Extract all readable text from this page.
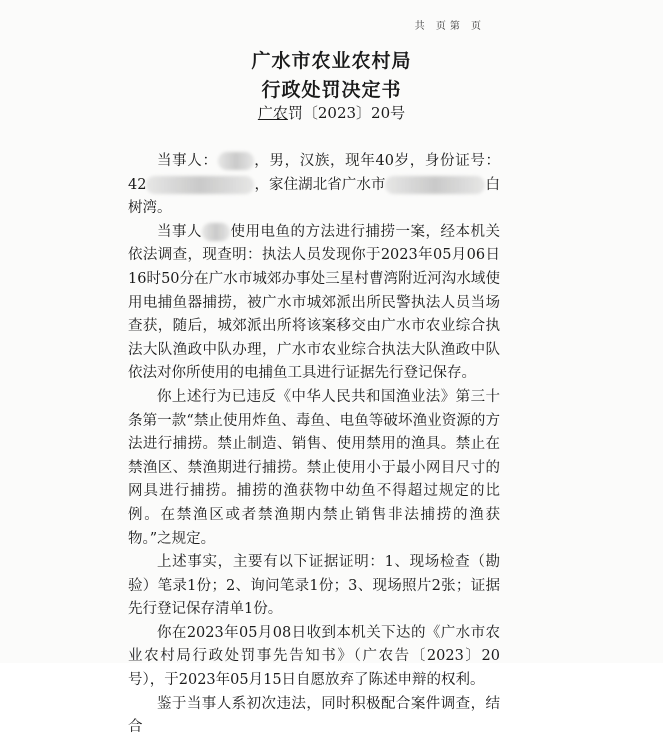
共 页第 页
广水市农业农村局
行政处罚决定书
广农罚〔2023〕20号

当事人： ，男，汉族，现年40岁，身份证号：42	，家住湖北省广水市	白树湾。

当事人 使用电鱼的方法进行捕捞一案，经本机关依法调查，现查明：执法人员发现你于2023年05月06日16时50分在广水市城郊办事处三星村曹湾附近河沟水域使用电捕鱼器捕捞，被广水市城郊派出所民警执法人员当场查获，随后，城郊派出所将该案移交由广水市农业综合执法大队渔政中队办理，广水市农业综合执法大队渔政中队依法对你所使用的电捕鱼工具进行证据先行登记保存。

你上述行为已违反《中华人民共和国渔业法》第三十条第一款“禁止使用炸鱼、毒鱼、电鱼等破坏渔业资源的方法进行捕捞。禁止制造、销售、使用禁用的渔具。禁止在禁渔区、禁渔期进行捕捞。禁止使用小于最小网目尺寸的网具进行捕捞。捕捞的渔获物中幼鱼不得超过规定的比例。在禁渔区或者禁渔期内禁止销售非法捕捞的渔获物。”之规定。

上述事实，主要有以下证据证明：1、现场检查（勘验）笔录1份；2、询问笔录1份；3、现场照片2张；证据先行登记保存清单1份。

你在2023年05月08日收到本机关下达的《广水市农业农村局行政处罚事先告知书》（广农告〔2023〕20号），于2023年05月15日自愿放弃了陈述申辩的权利。

鉴于当事人系初次违法，同时积极配合案件调查，结合
